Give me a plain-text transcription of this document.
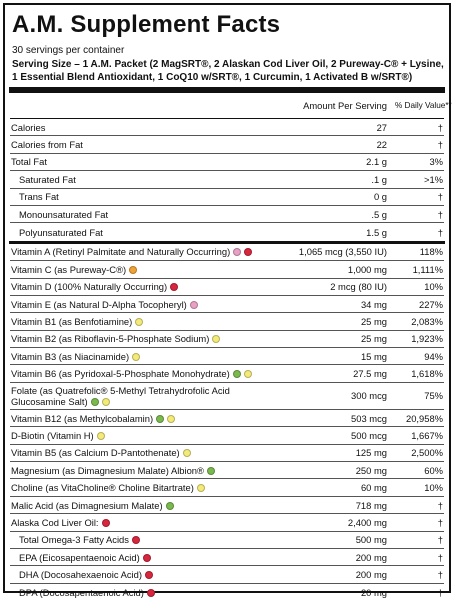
A.M. Supplement Facts
30 servings per container
Serving Size – 1 A.M. Packet (2 MagSRT®, 2 Alaskan Cod Liver Oil, 2 Pureway-C® + Lysine, 1 Essential Blend Antioxidant, 1 CoQ10 w/SRT®, 1 Curcumin, 1 Activated B w/SRT®)
Amount Per Serving % Daily Value**
Calories	27	†
Calories from Fat	22	†
Total Fat	2.1 g	3%
Saturated Fat	.1 g	>1%
Trans Fat	0 g	†
Monounsaturated Fat	.5 g	†
Polyunsaturated Fat	1.5 g	†
Vitamin A (Retinyl Palmitate and Naturally Occurring)	1,065 mcg (3,550 IU)	118%
Vitamin C (as Pureway-C®)	1,000 mg	1,111%
Vitamin D (100% Naturally Occurring)	2 mcg (80 IU)	10%
Vitamin E (as Natural D-Alpha Tocopheryl)	34 mg	227%
Vitamin B1 (as Benfotiamine)	25 mg	2,083%
Vitamin B2 (as Riboflavin-5-Phosphate Sodium)	25 mg	1,923%
Vitamin B3 (as Niacinamide)	15 mg	94%
Vitamin B6 (as Pyridoxal-5-Phosphate Monohydrate)	27.5 mg	1,618%
Folate (as Quatrefolic® 5-Methyl Tetrahydrofolic Acid Glucosamine Salt)	300 mcg	75%
Vitamin B12 (as Methylcobalamin)	503 mcg	20,958%
D-Biotin (Vitamin H)	500 mcg	1,667%
Vitamin B5 (as Calcium D-Pantothenate)	125 mg	2,500%
Magnesium (as Dimagnesium Malate) Albion®	250 mg	60%
Choline (as VitaCholine® Choline Bitartrate)	60 mg	10%
Malic Acid (as Dimagnesium Malate)	718 mg	†
Alaska Cod Liver Oil:	2,400 mg	†
Total Omega-3 Fatty Acids	500 mg	†
EPA (Eicosapentaenoic Acid)	200 mg	†
DHA (Docosahexaenoic Acid)	200 mg	†
DPA (Docosapentaenoic Acid)	20 mg	†
